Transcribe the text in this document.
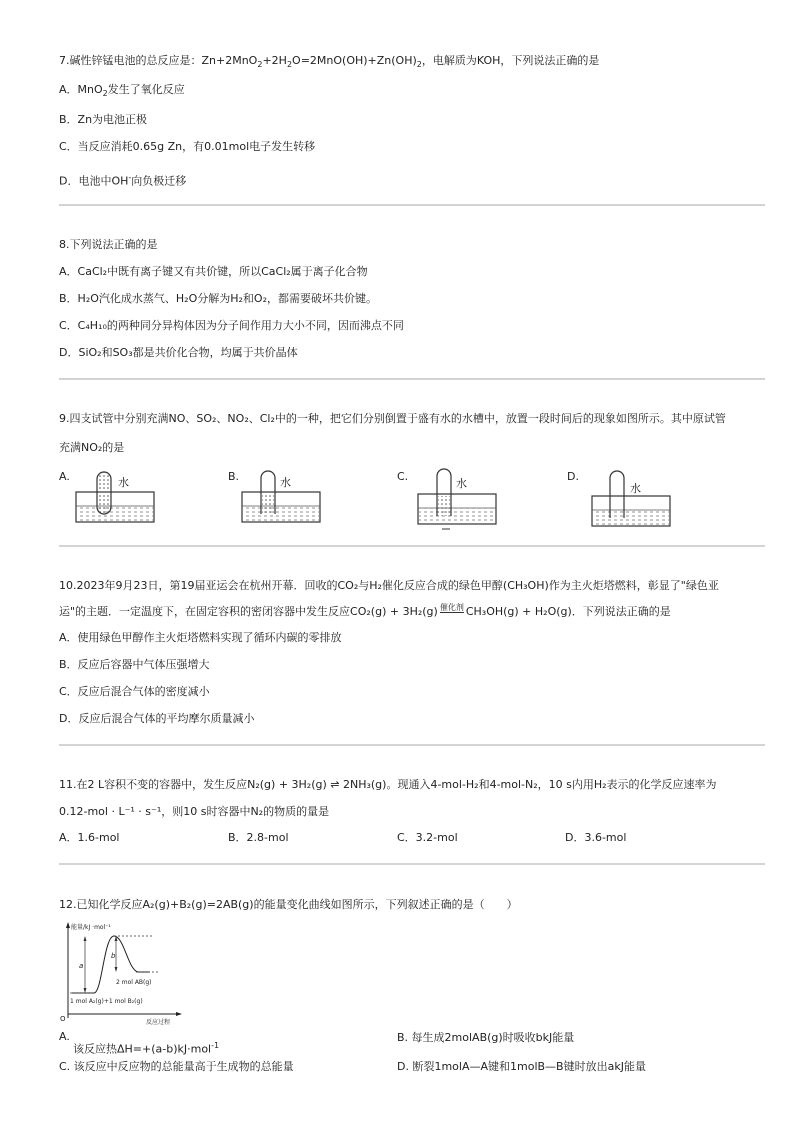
7.碱性锌锰电池的总反应是：$Zn+2MnO_2+2H_2O=2MnO(OH)+Zn(OH)_2$，电解质为KOH，下列说法正确的是
A．MnO$_2$发生了氧化反应
B．Zn为电池正极
C．当反应消耗0.65g Zn，有0.01mol电子发生转移
D．电池中OH-向负极迁移
8.下列说法正确的是
A．CaCl₂中既有离子键又有共价键，所以CaCl₂属于离子化合物
B．H₂O汽化成水蒸气、H₂O分解为H₂和O₂，都需要破坏共价键。
C．C₄H₁₀的两种同分异构体因为分子间作用力大小不同，因而沸点不同
D．SiO₂和SO₃都是共价化合物，均属于共价晶体
9.四支试管中分别充满NO、SO₂、NO₂、Cl₂中的一种，把它们分别倒置于盛有水的水槽中，放置一段时间后的现象如图所示。其中原试管
充满NO₂的是
A.	水	B.	水	C.
水
D.
水
10.2023年9月23日，第19届亚运会在杭州开幕．回收的CO₂与H₂催化反应合成的绿色甲醇(CH₃OH)作为主火炬塔燃料，彰显了"绿色亚
运"的主题．一定温度下，在固定容积的密闭容器中发生反应CO₂(g) + 3H₂(g) 催化剂 CH₃OH(g) + H₂O(g)．下列说法正确的是
A．使用绿色甲醇作主火炬塔燃料实现了循环内碳的零排放
B．反应后容器中气体压强增大
C．反应后混合气体的密度减小
D．反应后混合气体的平均摩尔质量减小
11.在2 L容积不变的容器中，发生反应N₂(g) + 3H₂(g) ⇌ 2NH₃(g)。现通入4-mol-H₂和4-mol-N₂，10 s内用H₂表示的化学反应速率为
0.12-mol · L⁻¹ · s⁻¹，则10 s时容器中N₂的物质的量是
A．1.6-mol	B．2.8-mol	C．3.2-mol	D．3.6-mol
12.已知化学反应A₂(g)+B₂(g)=2AB(g)的能量变化曲线如图所示，下列叙述正确的是（　　）
能量/kJ ·mol⁻¹
反应过程
O
a
b
2 mol AB(g)
1 mol A₂(g)+1 mol B₂(g)
A.
该反应热ΔH=+(a-b)kJ·mol$^{-1}$
B. 每生成2molAB(g)时吸收bkJ能量
C. 该反应中反应物的总能量高于生成物的总能量	D. 断裂1molA—A键和1molB—B键时放出akJ能量
